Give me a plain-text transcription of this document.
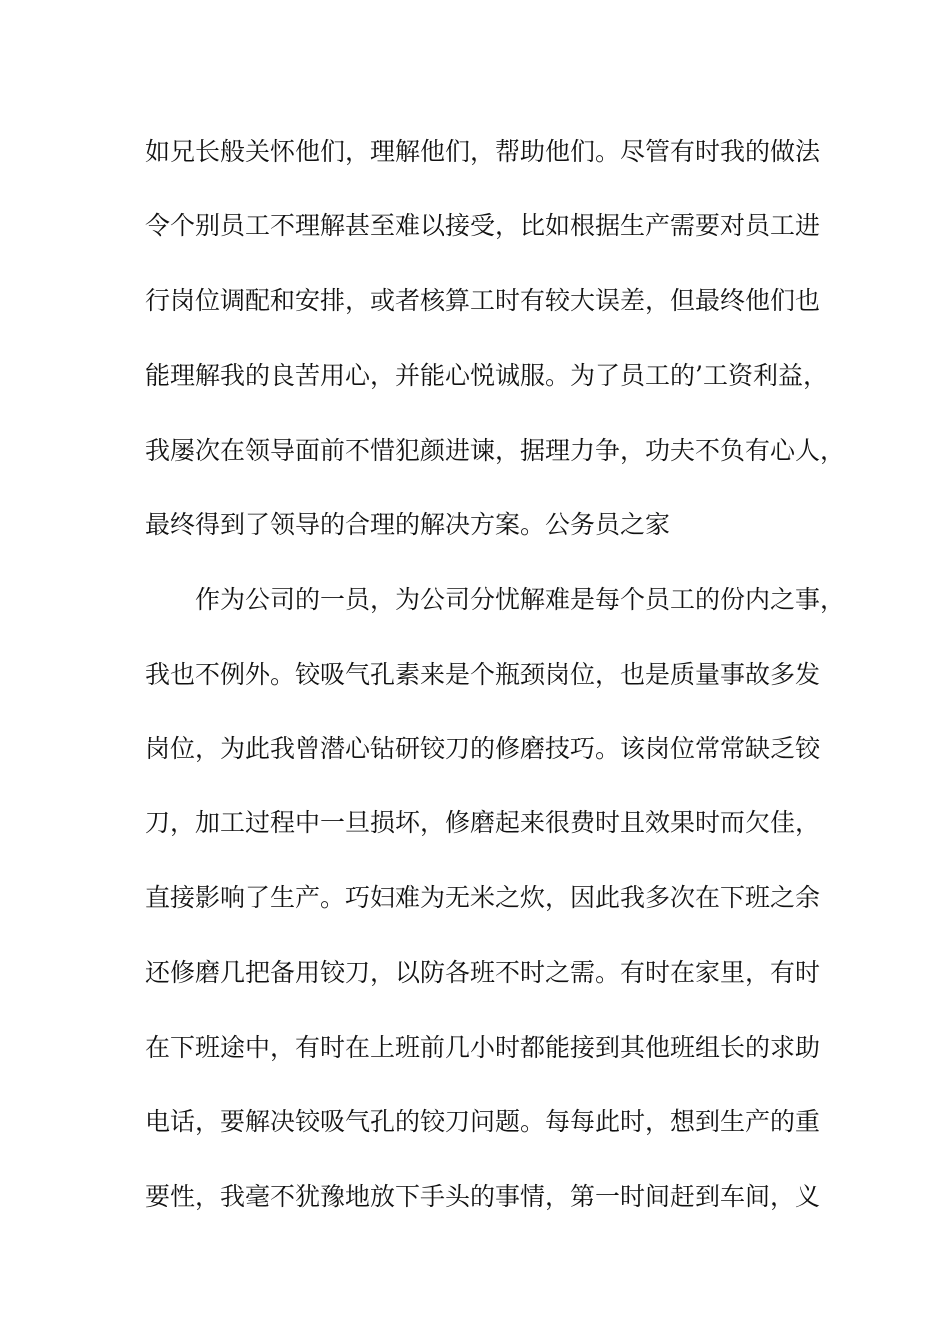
如兄长般关怀他们，理解他们，帮助他们。尽管有时我的做法
令个别员工不理解甚至难以接受，比如根据生产需要对员工进
行岗位调配和安排，或者核算工时有较大误差，但最终他们也
能理解我的良苦用心，并能心悦诚服。为了员工的’工资利益，
我屡次在领导面前不惜犯颜进谏，据理力争，功夫不负有心人，
最终得到了领导的合理的解决方案。公务员之家
作为公司的一员，为公司分忧解难是每个员工的份内之事，
我也不例外。铰吸气孔素来是个瓶颈岗位，也是质量事故多发
岗位，为此我曾潜心钻研铰刀的修磨技巧。该岗位常常缺乏铰
刀，加工过程中一旦损坏，修磨起来很费时且效果时而欠佳，
直接影响了生产。巧妇难为无米之炊，因此我多次在下班之余
还修磨几把备用铰刀，以防各班不时之需。有时在家里，有时
在下班途中，有时在上班前几小时都能接到其他班组长的求助
电话，要解决铰吸气孔的铰刀问题。每每此时，想到生产的重
要性，我毫不犹豫地放下手头的事情，第一时间赶到车间，义
